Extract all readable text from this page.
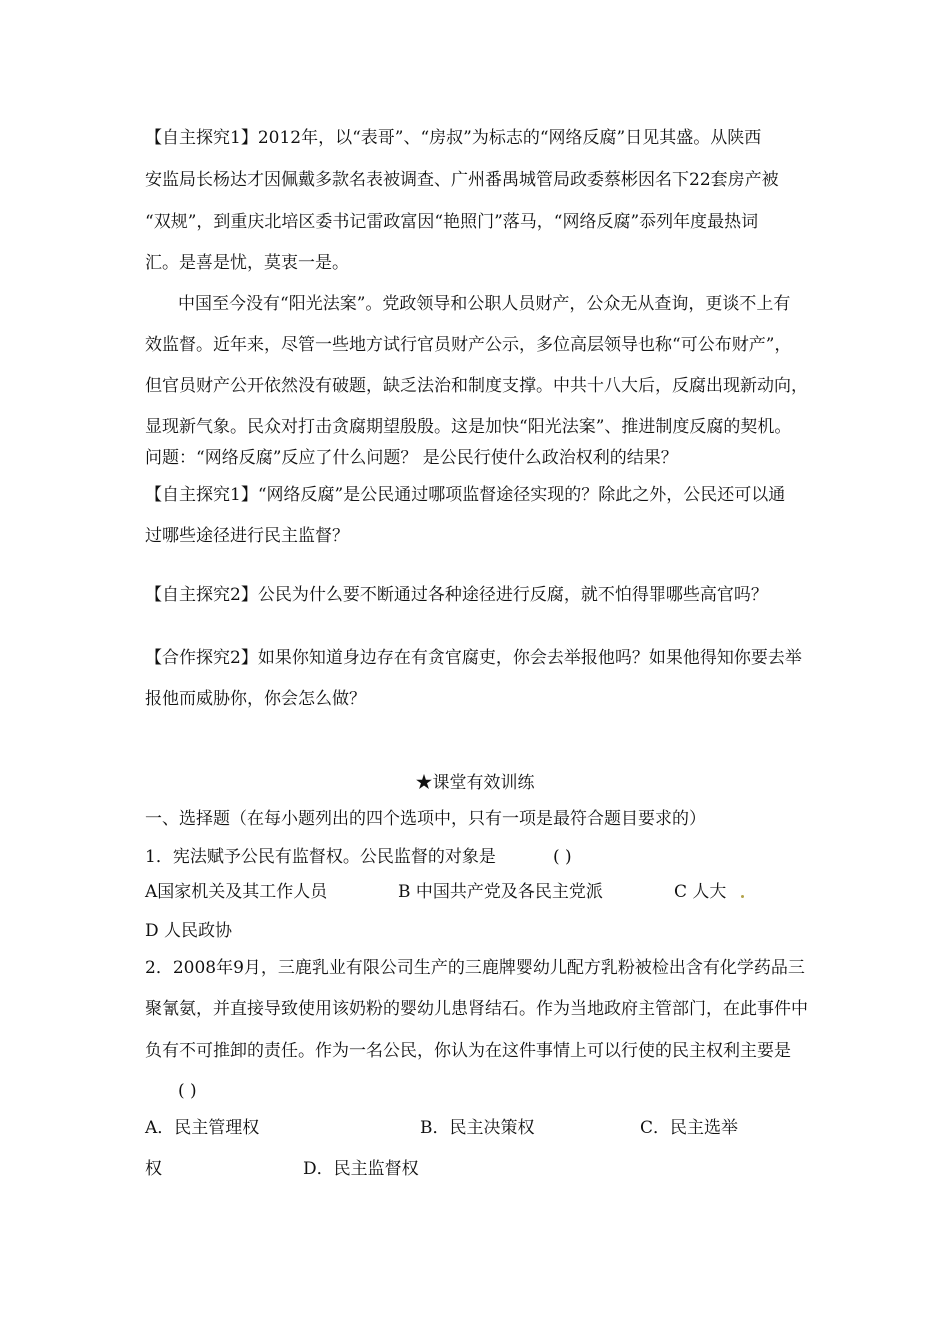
【自主探究1】2012年，以“表哥”、“房叔”为标志的“网络反腐”日见其盛。从陕西
安监局长杨达才因佩戴多款名表被调查、广州番禺城管局政委蔡彬因名下22套房产被
“双规”，到重庆北培区委书记雷政富因“艳照门”落马，“网络反腐”忝列年度最热词
汇。是喜是忧，莫衷一是。
中国至今没有“阳光法案”。党政领导和公职人员财产，公众无从查询，更谈不上有
效监督。近年来，尽管一些地方试行官员财产公示，多位高层领导也称“可公布财产”，
但官员财产公开依然没有破题，缺乏法治和制度支撑。中共十八大后，反腐出现新动向，
显现新气象。民众对打击贪腐期望殷殷。这是加快“阳光法案”、推进制度反腐的契机。
问题：“网络反腐”反应了什么问题？ 是公民行使什么政治权利的结果？
【自主探究1】“网络反腐”是公民通过哪项监督途径实现的？除此之外，公民还可以通
过哪些途径进行民主监督？
【自主探究2】公民为什么要不断通过各种途径进行反腐，就不怕得罪哪些高官吗？
【合作探究2】如果你知道身边存在有贪官腐吏，你会去举报他吗？如果他得知你要去举
报他而威胁你，你会怎么做？
★课堂有效训练
一、选择题（在每小题列出的四个选项中，只有一项是最符合题目要求的）
1．宪法赋予公民有监督权。公民监督的对象是	( )
A国家机关及其工作人员	B 中国共产党及各民主党派	C 人大
D 人民政协
2．2008年9月，三鹿乳业有限公司生产的三鹿牌婴幼儿配方乳粉被检出含有化学药品三
聚氰氨，并直接导致使用该奶粉的婴幼儿患肾结石。作为当地政府主管部门，在此事件中
负有不可推卸的责任。作为一名公民，你认为在这件事情上可以行使的民主权利主要是
( )
A．民主管理权	B．民主决策权	C．民主选举
权	D．民主监督权
